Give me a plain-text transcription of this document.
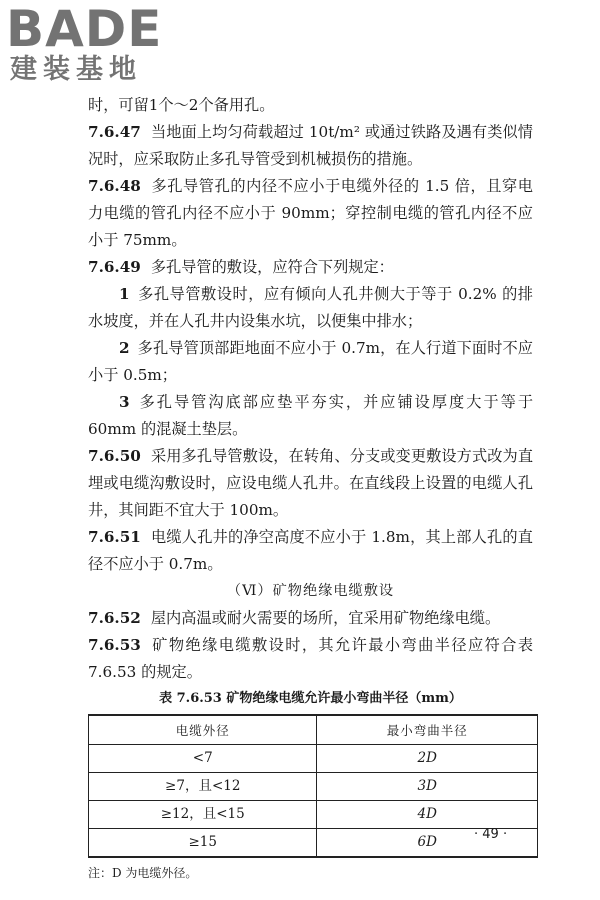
BADE
建装基地

时，可留1个～2个备用孔。

7.6.47 当地面上均匀荷载超过 10t/m² 或通过铁路及遇有类似情况时，应采取防止多孔导管受到机械损伤的措施。

7.6.48 多孔导管孔的内径不应小于电缆外径的 1.5 倍，且穿电力电缆的管孔内径不应小于 90mm；穿控制电缆的管孔内径不应小于 75mm。

7.6.49 多孔导管的敷设，应符合下列规定：

1 多孔导管敷设时，应有倾向人孔井侧大于等于 0.2% 的排水坡度，并在人孔井内设集水坑，以便集中排水；

2 多孔导管顶部距地面不应小于 0.7m，在人行道下面时不应小于 0.5m；

3 多孔导管沟底部应垫平夯实，并应铺设厚度大于等于 60mm 的混凝土垫层。

7.6.50 采用多孔导管敷设，在转角、分支或变更敷设方式改为直埋或电缆沟敷设时，应设电缆人孔井。在直线段上设置的电缆人孔井，其间距不宜大于 100m。

7.6.51 电缆人孔井的净空高度不应小于 1.8m，其上部人孔的直径不应小于 0.7m。

（Ⅵ）矿物绝缘电缆敷设

7.6.52 屋内高温或耐火需要的场所，宜采用矿物绝缘电缆。

7.6.53 矿物绝缘电缆敷设时，其允许最小弯曲半径应符合表 7.6.53 的规定。

表 7.6.53 矿物绝缘电缆允许最小弯曲半径（mm）
电缆外径	最小弯曲半径
<7	2D
≥7，且<12	3D
≥12，且<15	4D
≥15	6D
注：D 为电缆外径。
· 49 ·
